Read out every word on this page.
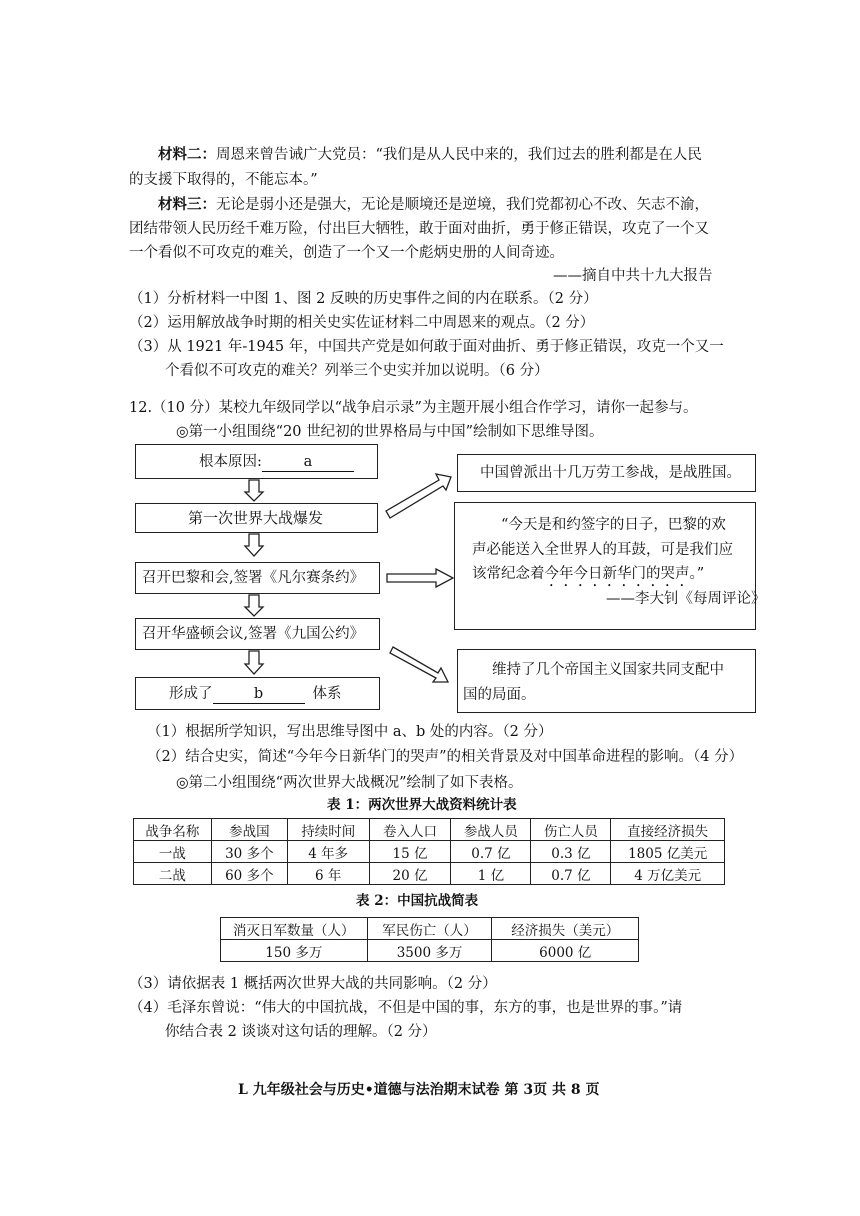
材料二：周恩来曾告诫广大党员：“我们是从人民中来的，我们过去的胜利都是在人民
的支援下取得的，不能忘本。”
材料三：无论是弱小还是强大，无论是顺境还是逆境，我们党都初心不改、矢志不渝，
团结带领人民历经千难万险，付出巨大牺牲，敢于面对曲折，勇于修正错误，攻克了一个又
一个看似不可攻克的难关，创造了一个又一个彪炳史册的人间奇迹。
——摘自中共十九大报告
（1）分析材料一中图 1、图 2 反映的历史事件之间的内在联系。（2 分）
（2）运用解放战争时期的相关史实佐证材料二中周恩来的观点。（2 分）
（3）从 1921 年-1945 年，中国共产党是如何敢于面对曲折、勇于修正错误，攻克一个又一
个看似不可攻克的难关？列举三个史实并加以说明。（6 分）
12.（10 分）某校九年级同学以“战争启示录”为主题开展小组合作学习，请你一起参与。
◎第一小组围绕“20 世纪初的世界格局与中国”绘制如下思维导图。
根本原因:	a
第一次世界大战爆发
召开巴黎和会,签署《凡尔赛条约》
召开华盛顿会议,签署《九国公约》
形成了	b	体系
中国曾派出十几万劳工参战，是战胜国。
“今天是和约签字的日子，巴黎的欢
声必能送入全世界人的耳鼓，可是我们应
该常纪念着今年今日新华门的哭声。”
——李大钊《每周评论》
维持了几个帝国主义国家共同支配中
国的局面。
（1）根据所学知识，写出思维导图中 a、b 处的内容。（2 分）
（2）结合史实，简述“今年今日新华门的哭声”的相关背景及对中国革命进程的影响。（4 分）
◎第二小组围绕“两次世界大战概况”绘制了如下表格。
表 1：两次世界大战资料统计表
战争名称	参战国	持续时间	卷入人口	参战人员	伤亡人员	直接经济损失
一战	30 多个	4 年多	15 亿	0.7 亿	0.3 亿	1805 亿美元
二战	60 多个	6 年	20 亿	1 亿	0.7 亿	4 万亿美元
表 2：中国抗战简表
消灭日军数量（人）	军民伤亡（人）	经济损失（美元）
150 多万	3500 多万	6000 亿
（3）请依据表 1 概括两次世界大战的共同影响。（2 分）
（4）毛泽东曾说：“伟大的中国抗战，不但是中国的事，东方的事，也是世界的事。”请
你结合表 2 谈谈对这句话的理解。（2 分）
L 九年级社会与历史•道德与法治期末试卷 第 3页 共 8 页
